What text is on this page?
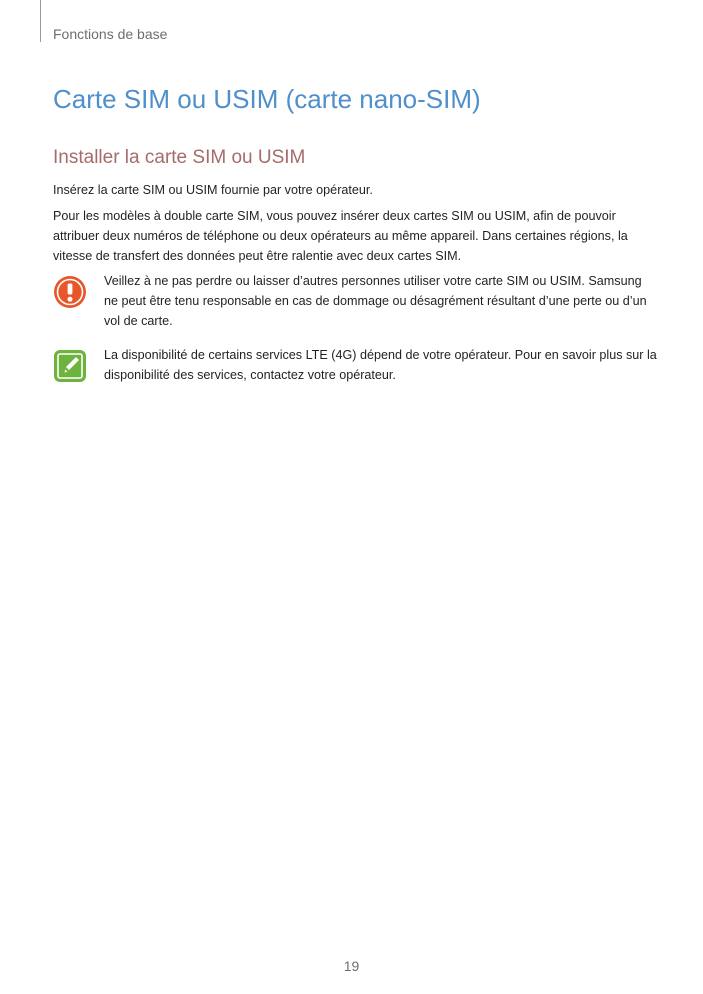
Fonctions de base
Carte SIM ou USIM (carte nano-SIM)
Installer la carte SIM ou USIM

Insérez la carte SIM ou USIM fournie par votre opérateur.

Pour les modèles à double carte SIM, vous pouvez insérer deux cartes SIM ou USIM, afin de pouvoir attribuer deux numéros de téléphone ou deux opérateurs au même appareil. Dans certaines régions, la vitesse de transfert des données peut être ralentie avec deux cartes SIM.

Veillez à ne pas perdre ou laisser d’autres personnes utiliser votre carte SIM ou USIM. Samsung ne peut être tenu responsable en cas de dommage ou désagrément résultant d’une perte ou d’un vol de carte.

La disponibilité de certains services LTE (4G) dépend de votre opérateur. Pour en savoir plus sur la disponibilité des services, contactez votre opérateur.

19
